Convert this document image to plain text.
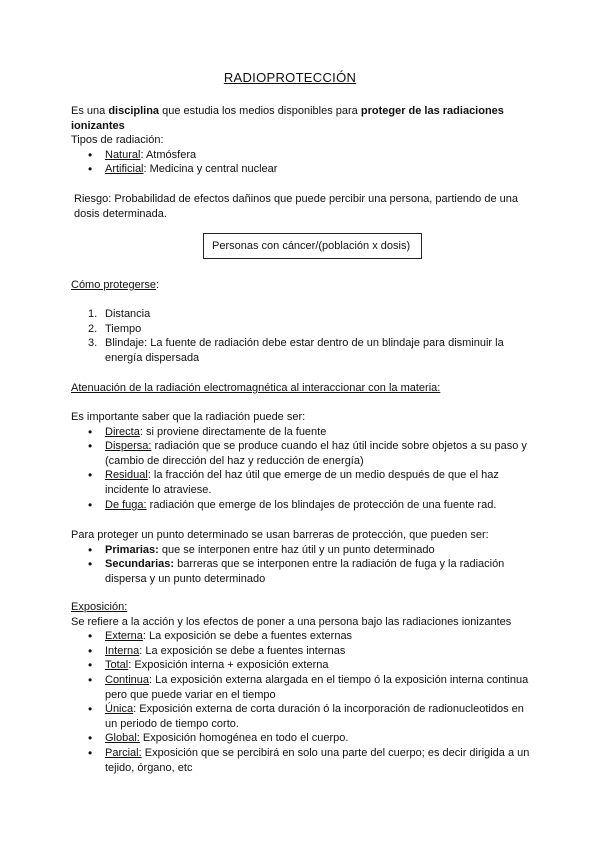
RADIOPROTECCIÓN
Es una disciplina que estudia los medios disponibles para proteger de las radiaciones ionizantes
Tipos de radiación:
• Natural: Atmósfera
• Artificial: Medicina y central nuclear
Riesgo: Probabilidad de efectos dañinos que puede percibir una persona, partiendo de una dosis determinada.
Personas con cáncer/(población x dosis)
Cómo protegerse:
1. Distancia
2. Tiempo
3. Blindaje: La fuente de radiación debe estar dentro de un blindaje para disminuir la energía dispersada
Atenuación de la radiación electromagnética al interaccionar con la materia:
Es importante saber que la radiación puede ser:
• Directa: si proviene directamente de la fuente
• Dispersa: radiación que se produce cuando el haz útil incide sobre objetos a su paso y (cambio de dirección del haz y reducción de energía)
• Residual: la fracción del haz útil que emerge de un medio después de que el haz incidente lo atraviese.
• De fuga: radiación que emerge de los blindajes de protección de una fuente rad.
Para proteger un punto determinado se usan barreras de protección, que pueden ser:
• Primarias: que se interponen entre haz útil y un punto determinado
• Secundarias: barreras que se interponen entre la radiación de fuga y la radiación dispersa y un punto determinado
Exposición:
Se refiere a la acción y los efectos de poner a una persona bajo las radiaciones ionizantes
• Externa: La exposición se debe a fuentes externas
• Interna: La exposición se debe a fuentes internas
• Total: Exposición interna + exposición externa
• Continua: La exposición externa alargada en el tiempo ó la exposición interna continua pero que puede variar en el tiempo
• Única: Exposición externa de corta duración ó la incorporación de radionucleotidos en un periodo de tiempo corto.
• Global: Exposición homogénea en todo el cuerpo.
• Parcial: Exposición que se percibirá en solo una parte del cuerpo; es decir dirigida a un tejido, órgano, etc
